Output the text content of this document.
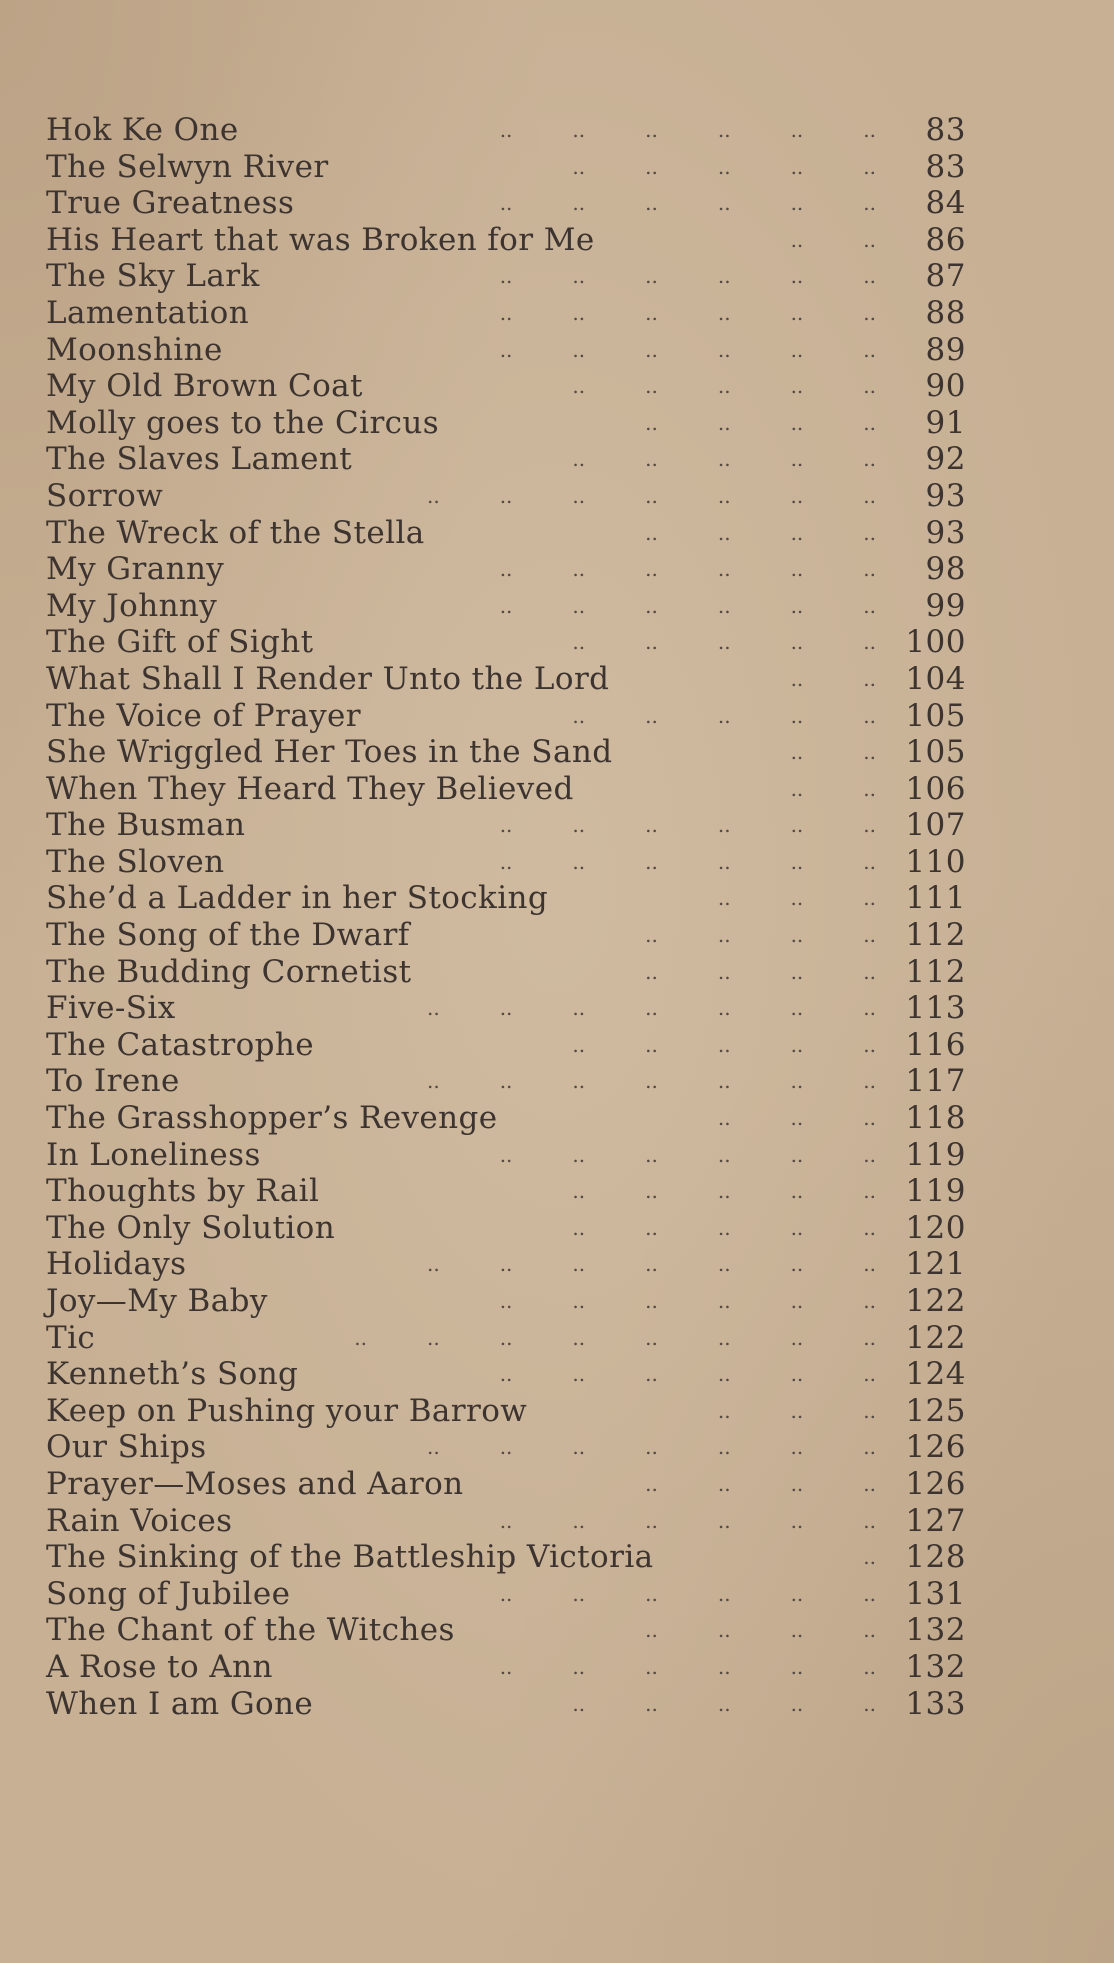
Hok Ke One	..   ..   ..   ..   ..   ..	83
The Selwyn River	..   ..   ..   ..   ..	83
True Greatness	..   ..   ..   ..   ..   ..	84
His Heart that was Broken for Me	..   ..	86
The Sky Lark	..   ..   ..   ..   ..   ..	87
Lamentation	..   ..   ..   ..   ..   ..	88
Moonshine	..   ..   ..   ..   ..   ..	89
My Old Brown Coat	..   ..   ..   ..   ..	90
Molly goes to the Circus	..   ..   ..   ..	91
The Slaves Lament	..   ..   ..   ..   ..	92
Sorrow	..   ..   ..   ..   ..   ..   ..	93
The Wreck of the Stella	..   ..   ..   ..	93
My Granny	..   ..   ..   ..   ..   ..	98
My Johnny	..   ..   ..   ..   ..   ..	99
The Gift of Sight	..   ..   ..   ..   .. 100
What Shall I Render Unto the Lord	..   .. 104
The Voice of Prayer	..   ..   ..   ..   .. 105
She Wriggled Her Toes in the Sand	..   .. 105
When They Heard They Believed	..   .. 106
The Busman	..   ..   ..   ..   ..   .. 107
The Sloven	..   ..   ..   ..   ..   .. 110
She’d a Ladder in her Stocking	..   ..   .. 111
The Song of the Dwarf	..   ..   ..   .. 112
The Budding Cornetist	..   ..   ..   .. 112
Five-Six	..   ..   ..   ..   ..   ..   .. 113
The Catastrophe	..   ..   ..   ..   .. 116
To Irene	..   ..   ..   ..   ..   ..   .. 117
The Grasshopper’s Revenge	..   ..   .. 118
In Loneliness	..   ..   ..   ..   ..   .. 119
Thoughts by Rail	..   ..   ..   ..   .. 119
The Only Solution	..   ..   ..   ..   .. 120
Holidays	..   ..   ..   ..   ..   ..   .. 121
Joy—My Baby	..   ..   ..   ..   ..   .. 122
Tic	..   ..   ..   ..   ..   ..   ..   .. 122
Kenneth’s Song	..   ..   ..   ..   ..   .. 124
Keep on Pushing your Barrow	..   ..   .. 125
Our Ships	..   ..   ..   ..   ..   ..   .. 126
Prayer—Moses and Aaron	..   ..   ..   .. 126
Rain Voices	..   ..   ..   ..   ..   .. 127
The Sinking of the Battleship Victoria	.. 128
Song of Jubilee	..   ..   ..   ..   ..   .. 131
The Chant of the Witches	..   ..   ..   .. 132
A Rose to Ann	..   ..   ..   ..   ..   .. 132
When I am Gone	..   ..   ..   ..   .. 133
